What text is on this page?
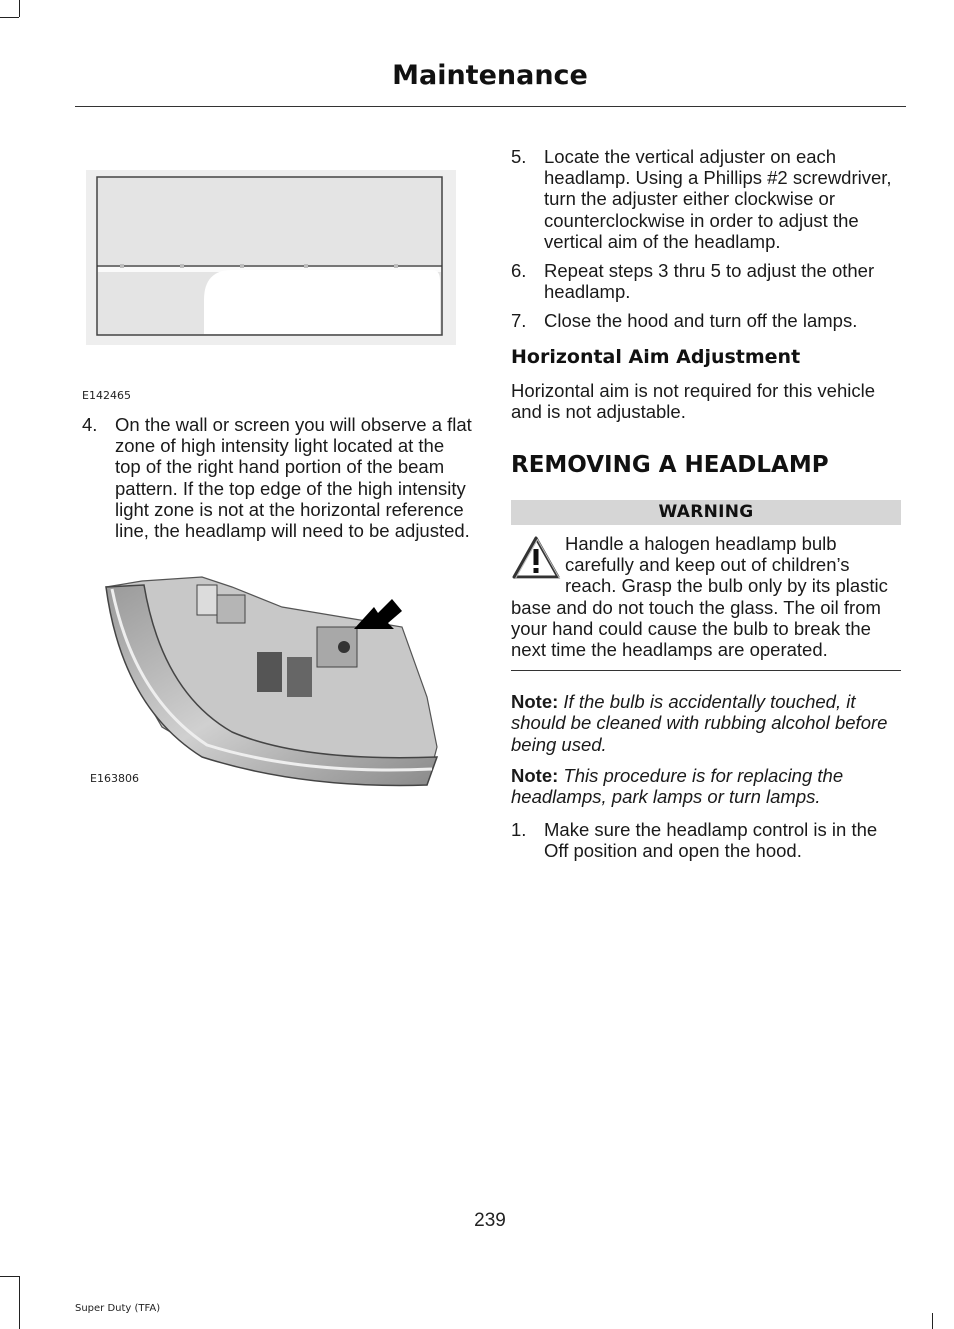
Maintenance
E142465
4. On the wall or screen you will observe a flat zone of high intensity light located at the top of the right hand portion of the beam pattern. If the top edge of the high intensity light zone is not at the horizontal reference line, the headlamp will need to be adjusted.
E163806
5. Locate the vertical adjuster on each headlamp. Using a Phillips #2 screwdriver, turn the adjuster either clockwise or counterclockwise in order to adjust the vertical aim of the headlamp.
6. Repeat steps 3 thru 5 to adjust the other headlamp.
7. Close the hood and turn off the lamps.
Horizontal Aim Adjustment
Horizontal aim is not required for this vehicle and is not adjustable.
REMOVING A HEADLAMP
WARNING
Handle a halogen headlamp bulb carefully and keep out of children’s reach. Grasp the bulb only by its plastic base and do not touch the glass. The oil from your hand could cause the bulb to break the next time the headlamps are operated.
Note: If the bulb is accidentally touched, it should be cleaned with rubbing alcohol before being used.
Note: This procedure is for replacing the headlamps, park lamps or turn lamps.
1. Make sure the headlamp control is in the Off position and open the hood.
239
Super Duty (TFA)
